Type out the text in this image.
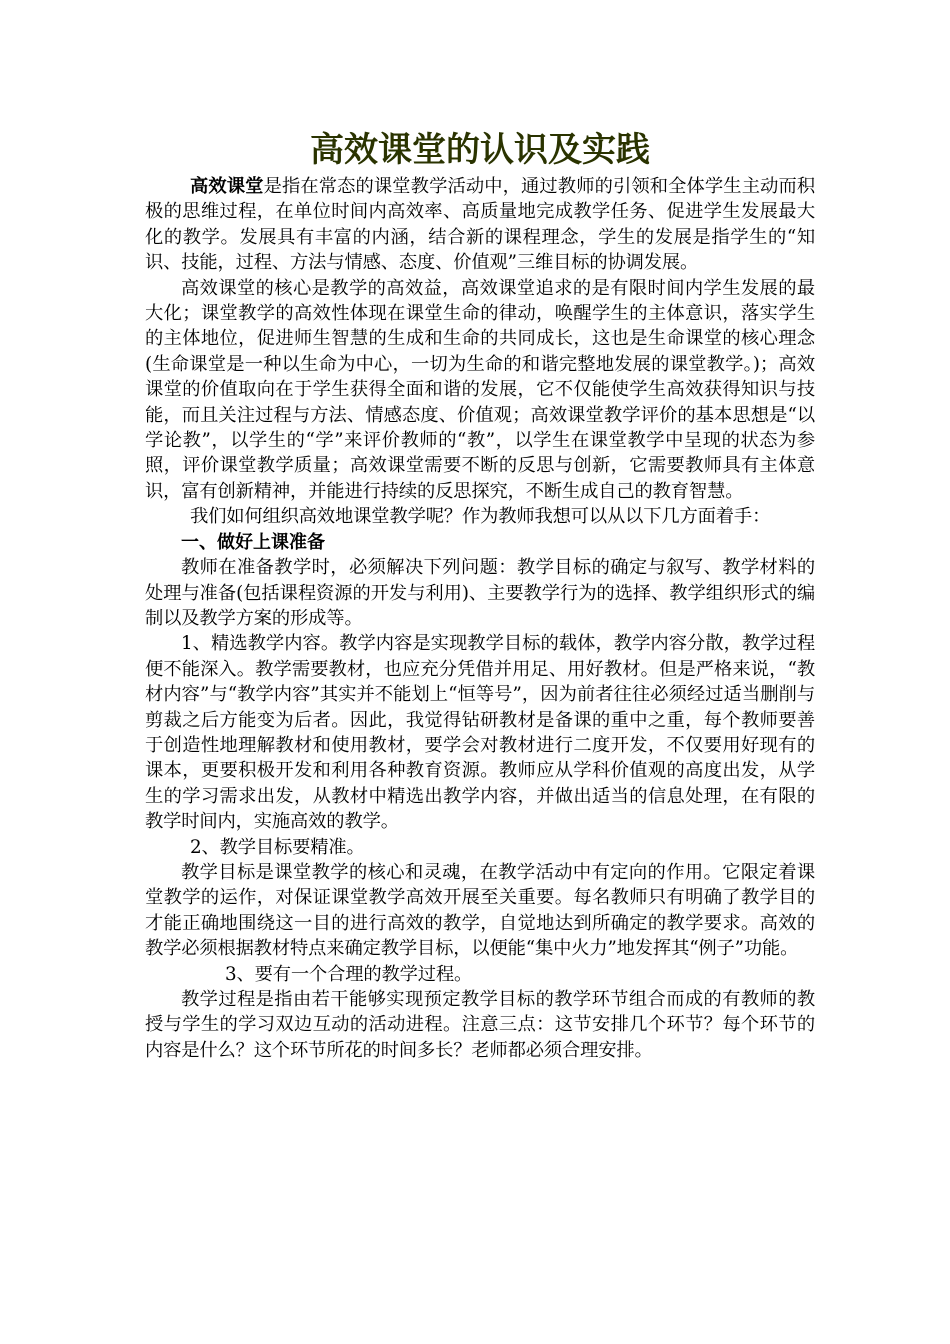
高效课堂的认识及实践

高效课堂是指在常态的课堂教学活动中，通过教师的引领和全体学生主动而积极的思维过程，在单位时间内高效率、高质量地完成教学任务、促进学生发展最大化的教学。发展具有丰富的内涵，结合新的课程理念，学生的发展是指学生的“知识、技能，过程、方法与情感、态度、价值观”三维目标的协调发展。

高效课堂的核心是教学的高效益，高效课堂追求的是有限时间内学生发展的最大化；课堂教学的高效性体现在课堂生命的律动，唤醒学生的主体意识，落实学生的主体地位，促进师生智慧的生成和生命的共同成长，这也是生命课堂的核心理念(生命课堂是一种以生命为中心，一切为生命的和谐完整地发展的课堂教学。)；高效课堂的价值取向在于学生获得全面和谐的发展，它不仅能使学生高效获得知识与技能，而且关注过程与方法、情感态度、价值观；高效课堂教学评价的基本思想是“以学论教”，以学生的“学”来评价教师的“教”，以学生在课堂教学中呈现的状态为参照，评价课堂教学质量；高效课堂需要不断的反思与创新，它需要教师具有主体意识，富有创新精神，并能进行持续的反思探究，不断生成自己的教育智慧。

我们如何组织高效地课堂教学呢？作为教师我想可以从以下几方面着手：

一、做好上课准备

教师在准备教学时，必须解决下列问题：教学目标的确定与叙写、教学材料的处理与准备(包括课程资源的开发与利用)、主要教学行为的选择、教学组织形式的编制以及教学方案的形成等。

1、精选教学内容。教学内容是实现教学目标的载体，教学内容分散，教学过程便不能深入。教学需要教材，也应充分凭借并用足、用好教材。但是严格来说，“教材内容”与“教学内容”其实并不能划上“恒等号”，因为前者往往必须经过适当删削与剪裁之后方能变为后者。因此，我觉得钻研教材是备课的重中之重，每个教师要善于创造性地理解教材和使用教材，要学会对教材进行二度开发，不仅要用好现有的课本，更要积极开发和利用各种教育资源。教师应从学科价值观的高度出发，从学生的学习需求出发，从教材中精选出教学内容，并做出适当的信息处理，在有限的教学时间内，实施高效的教学。

2、教学目标要精准。

教学目标是课堂教学的核心和灵魂，在教学活动中有定向的作用。它限定着课堂教学的运作，对保证课堂教学高效开展至关重要。每名教师只有明确了教学目的才能正确地围绕这一目的进行高效的教学，自觉地达到所确定的教学要求。高效的教学必须根据教材特点来确定教学目标，以便能“集中火力”地发挥其“例子”功能。

3、要有一个合理的教学过程。

教学过程是指由若干能够实现预定教学目标的教学环节组合而成的有教师的教授与学生的学习双边互动的活动进程。注意三点：这节安排几个环节？每个环节的内容是什么？这个环节所花的时间多长？老师都必须合理安排。
